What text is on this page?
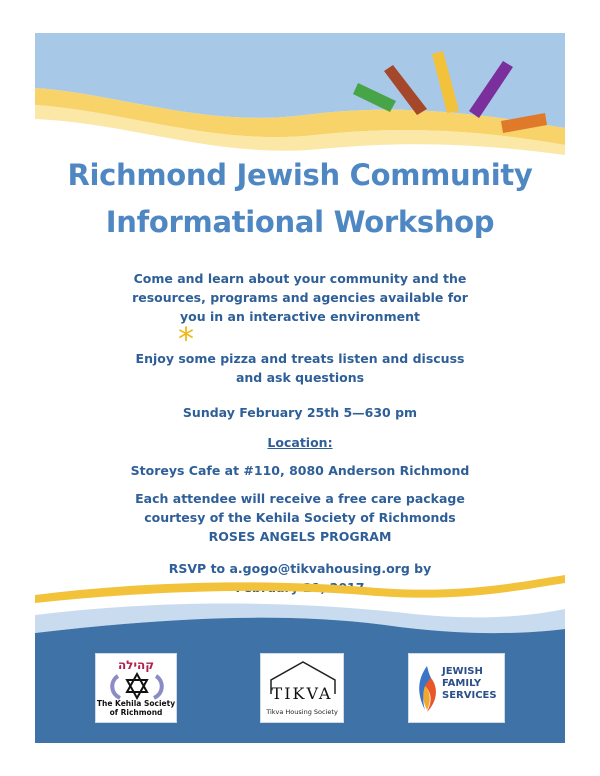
Richmond Jewish Community
Informational Workshop
Come and learn about your community and the
resources, programs and agencies available for
you in an interactive environment
*
Enjoy some pizza and treats listen and discuss
and ask questions
Sunday February 25th 5—630 pm
Location:
Storeys Cafe at #110, 8080 Anderson Richmond
Each attendee will receive a free care package
courtesy of the Kehila Society of Richmonds
ROSES ANGELS PROGRAM
RSVP to a.gogo@tikvahousing.org by
קהילה
The Kehila Society
of Richmond
TIKVA
Tikva Housing Society
JEWISH
FAMILY
SERVICES
